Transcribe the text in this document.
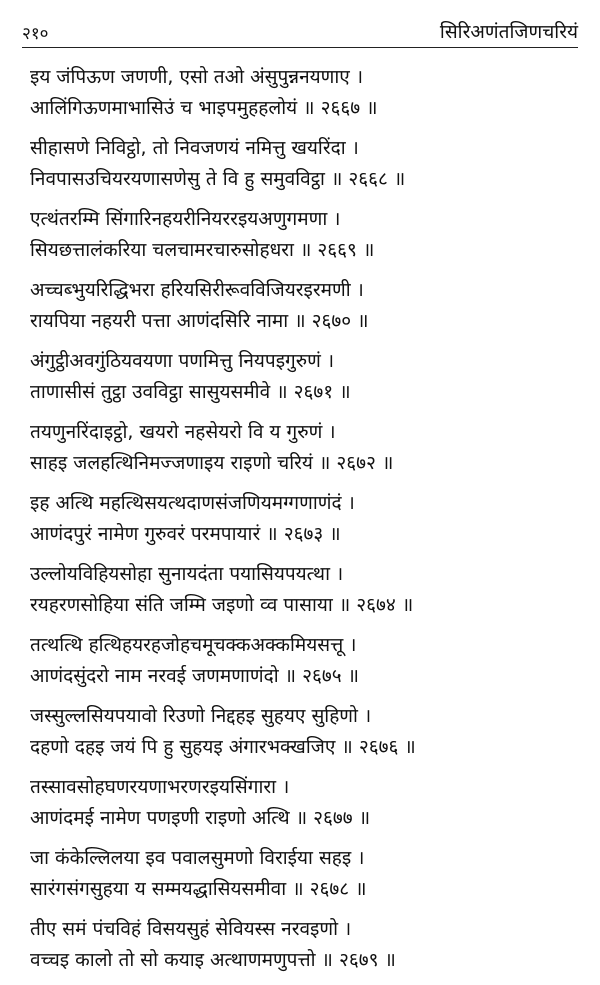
२१०	सिरिअणंतजिणचरियं
इय जंपिऊण जणणी, एसो तओ अंसुपुन्ननयणाए ।
आलिंगिऊणमाभासिउं च भाइपमुहहलोयं ॥ २६६७ ॥
सीहासणे निविट्ठो, तो निवजणयं नमित्तु खयरिंदा ।
निवपासउचियरयणासणेसु ते वि हु समुवविट्ठा ॥ २६६८ ॥
एत्थंतरम्मि सिंगारिनहयरीनियररइयअणुगमणा ।
सियछत्तालंकरिया चलचामरचारुसोहधरा ॥ २६६९ ॥
अच्चब्भुयरिद्धिभरा हरियसिरीरूवविजियरइरमणी ।
रायपिया नहयरी पत्ता आणंदसिरि नामा ॥ २६७० ॥
अंगुट्ठीअवगुंठियवयणा पणमित्तु नियपइगुरुणं ।
ताणासीसं तुट्ठा उवविट्ठा सासुयसमीवे ॥ २६७१ ॥
तयणुनरिंदाइट्ठो, खयरो नहसेयरो वि य गुरुणं ।
साहइ जलहत्थिनिमज्जणाइय राइणो चरियं ॥ २६७२ ॥
इह अत्थि महत्थिसयत्थदाणसंजणियमग्गणाणंदं ।
आणंदपुरं नामेण गुरुवरं परमपायारं ॥ २६७३ ॥
उल्लोयविहियसोहा सुनायदंता पयासियपयत्था ।
रयहरणसोहिया संति जम्मि जइणो व्व पासाया ॥ २६७४ ॥
तत्थत्थि हत्थिहयरहजोहचमूचक्कअक्कमियसत्तू ।
आणंदसुंदरो नाम नरवई जणमणाणंदो ॥ २६७५ ॥
जस्सुल्लसियपयावो रिउणो निद्दहइ सुहयए सुहिणो ।
दहणो दहइ जयं पि हु सुहयइ अंगारभक्खजिए ॥ २६७६ ॥
तस्सावसोहघणरयणाभरणरइयसिंगारा ।
आणंदमई नामेण पणइणी राइणो अत्थि ॥ २६७७ ॥
जा कंकेल्लिलया इव पवालसुमणो विराईया सहइ ।
सारंगसंगसुहया य सम्मयद्धासियसमीवा ॥ २६७८ ॥
तीए समं पंचविहं विसयसुहं सेवियस्स नरवइणो ।
वच्चइ कालो तो सो कयाइ अत्थाणमणुपत्तो ॥ २६७९ ॥
